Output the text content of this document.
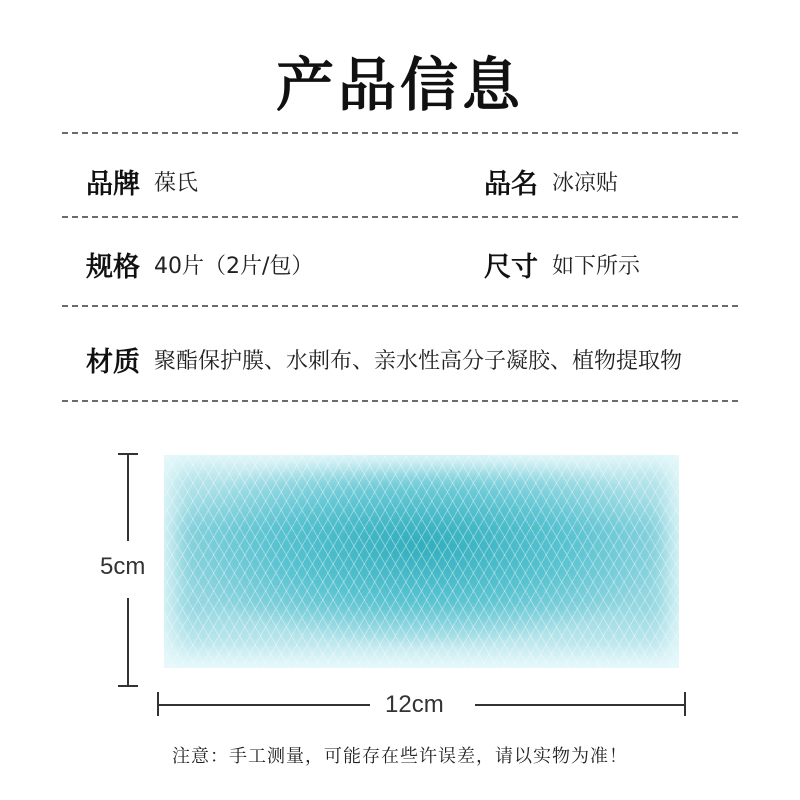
产品信息
品牌 葆氏	品名 冰凉贴
规格 40片（2片/包）	尺寸 如下所示
材质 聚酯保护膜、水刺布、亲水性高分子凝胶、植物提取物
5cm
12cm
注意：手工测量，可能存在些许误差，请以实物为准！
